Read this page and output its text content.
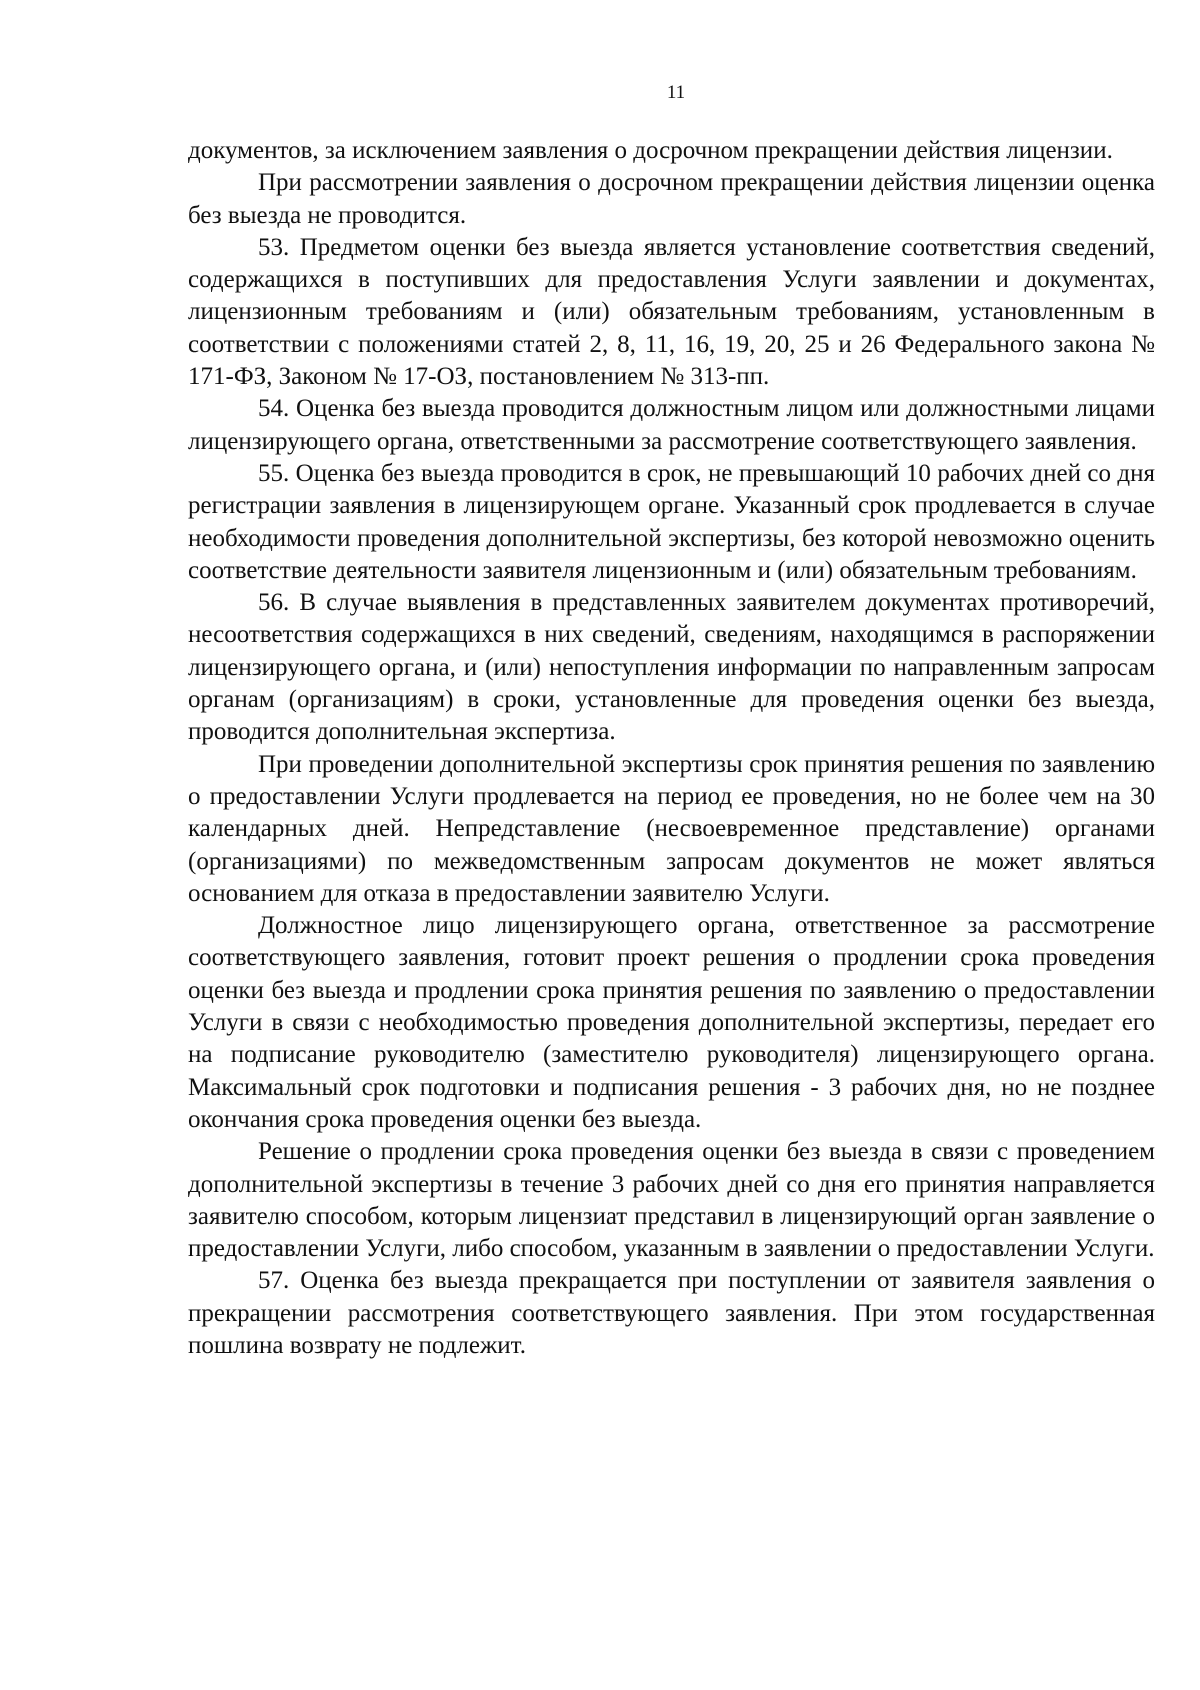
11

документов, за исключением заявления о досрочном прекращении действия лицензии.

При рассмотрении заявления о досрочном прекращении действия лицензии оценка без выезда не проводится.

53. Предметом оценки без выезда является установление соответствия сведений, содержащихся в поступивших для предоставления Услуги заявлении и документах, лицензионным требованиям и (или) обязательным требованиям, установленным в соответствии с положениями статей 2, 8, 11, 16, 19, 20, 25 и 26 Федерального закона № 171-ФЗ, Законом № 17-ОЗ, постановлением № 313-пп.

54. Оценка без выезда проводится должностным лицом или должностными лицами лицензирующего органа, ответственными за рассмотрение соответствующего заявления.

55. Оценка без выезда проводится в срок, не превышающий 10 рабочих дней со дня регистрации заявления в лицензирующем органе. Указанный срок продлевается в случае необходимости проведения дополнительной экспертизы, без которой невозможно оценить соответствие деятельности заявителя лицензионным и (или) обязательным требованиям.

56. В случае выявления в представленных заявителем документах противоречий, несоответствия содержащихся в них сведений, сведениям, находящимся в распоряжении лицензирующего органа, и (или) непоступления информации по направленным запросам органам (организациям) в сроки, установленные для проведения оценки без выезда, проводится дополнительная экспертиза.

При проведении дополнительной экспертизы срок принятия решения по заявлению о предоставлении Услуги продлевается на период ее проведения, но не более чем на 30 календарных дней. Непредставление (несвоевременное представление) органами (организациями) по межведомственным запросам документов не может являться основанием для отказа в предоставлении заявителю Услуги.

Должностное лицо лицензирующего органа, ответственное за рассмотрение соответствующего заявления, готовит проект решения о продлении срока проведения оценки без выезда и продлении срока принятия решения по заявлению о предоставлении Услуги в связи с необходимостью проведения дополнительной экспертизы, передает его на подписание руководителю (заместителю руководителя) лицензирующего органа. Максимальный срок подготовки и подписания решения - 3 рабочих дня, но не позднее окончания срока проведения оценки без выезда.

Решение о продлении срока проведения оценки без выезда в связи с проведением дополнительной экспертизы в течение 3 рабочих дней со дня его принятия направляется заявителю способом, которым лицензиат представил в лицензирующий орган заявление о предоставлении Услуги, либо способом, указанным в заявлении о предоставлении Услуги.

57. Оценка без выезда прекращается при поступлении от заявителя заявления о прекращении рассмотрения соответствующего заявления. При этом государственная пошлина возврату не подлежит.
